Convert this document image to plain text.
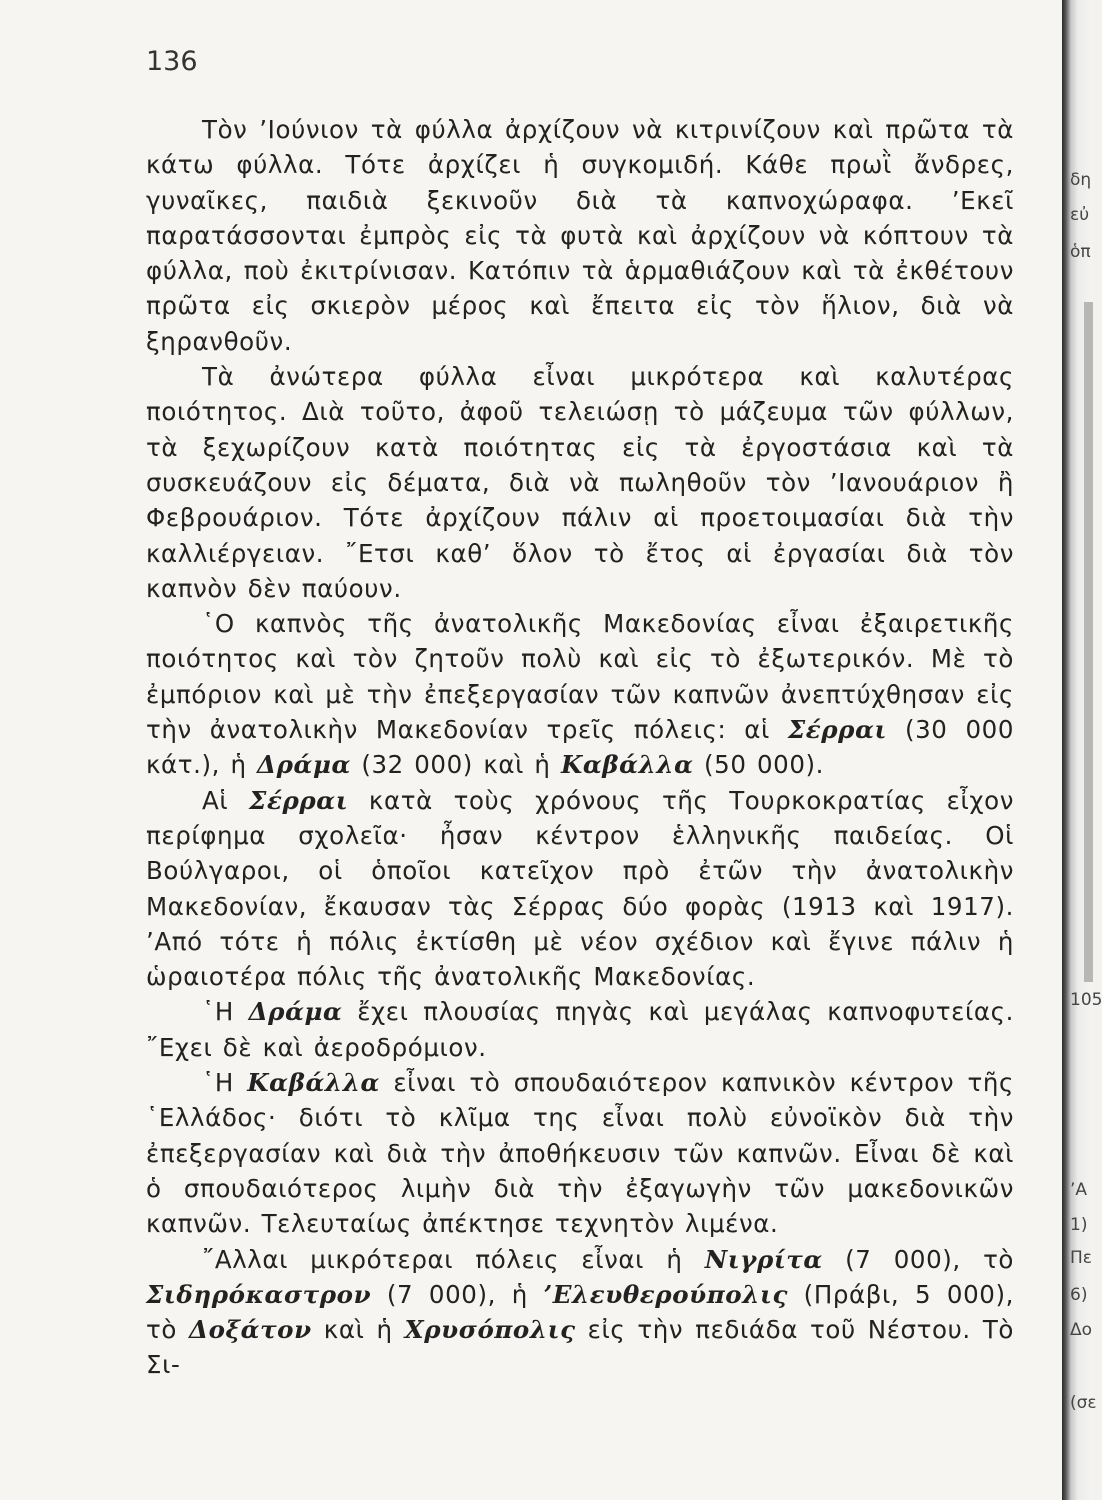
136

Τὸν ’Ιούνιον τὰ φύλλα ἀρχίζουν νὰ κιτρινίζουν καὶ πρῶτα τὰ κάτω φύλλα. Τότε ἀρχίζει ἡ συγκομιδή. Κάθε πρωῒ ἄνδρες, γυναῖκες, παιδιὰ ξεκινοῦν διὰ τὰ καπνοχώραφα. ’Εκεῖ παρατάσσονται ἐμπρὸς εἰς τὰ φυτὰ καὶ ἀρχίζουν νὰ κόπτουν τὰ φύλλα, ποὺ ἐκιτρίνισαν. Κατόπιν τὰ ἁρμαθιάζουν καὶ τὰ ἐκθέτουν πρῶτα εἰς σκιερὸν μέρος καὶ ἔπειτα εἰς τὸν ἥλιον, διὰ νὰ ξηρανθοῦν.

Τὰ ἀνώτερα φύλλα εἶναι μικρότερα καὶ καλυτέρας ποιότητος. Διὰ τοῦτο, ἀφοῦ τελειώσῃ τὸ μάζευμα τῶν φύλλων, τὰ ξεχωρίζουν κατὰ ποιότητας εἰς τὰ ἐργοστάσια καὶ τὰ συσκευάζουν εἰς δέματα, διὰ νὰ πωληθοῦν τὸν ’Ιανουάριον ἢ Φεβρουάριον. Τότε ἀρχίζουν πάλιν αἱ προετοιμασίαι διὰ τὴν καλλιέργειαν. ῎Ετσι καθ’ ὅλον τὸ ἔτος αἱ ἐργασίαι διὰ τὸν καπνὸν δὲν παύουν.

῾Ο καπνὸς τῆς ἀνατολικῆς Μακεδονίας εἶναι ἐξαιρετικῆς ποιότητος καὶ τὸν ζητοῦν πολὺ καὶ εἰς τὸ ἐξωτερικόν. Μὲ τὸ ἐμπόριον καὶ μὲ τὴν ἐπεξεργασίαν τῶν καπνῶν ἀνεπτύχθησαν εἰς τὴν ἀνατολικὴν Μακεδονίαν τρεῖς πόλεις: αἱ Σέρραι (30 000 κάτ.), ἡ Δράμα (32 000) καὶ ἡ Καβάλλα (50 000).

Αἱ Σέρραι κατὰ τοὺς χρόνους τῆς Τουρκοκρατίας εἶχον περίφημα σχολεῖα· ἦσαν κέντρον ἑλληνικῆς παιδείας. Οἱ Βούλγαροι, οἱ ὁποῖοι κατεῖχον πρὸ ἐτῶν τὴν ἀνατολικὴν Μακεδονίαν, ἔκαυσαν τὰς Σέρρας δύο φορὰς (1913 καὶ 1917). ’Από τότε ἡ πόλις ἐκτίσθη μὲ νέον σχέδιον καὶ ἔγινε πάλιν ἡ ὡραιοτέρα πόλις τῆς ἀνατολικῆς Μακεδονίας.

῾Η Δράμα ἔχει πλουσίας πηγὰς καὶ μεγάλας καπνοφυτείας. ῎Εχει δὲ καὶ ἀεροδρόμιον.

῾Η Καβάλλα εἶναι τὸ σπουδαιότερον καπνικὸν κέντρον τῆς ῾Ελλάδος· διότι τὸ κλῖμα της εἶναι πολὺ εὐνοϊκὸν διὰ τὴν ἐπεξεργασίαν καὶ διὰ τὴν ἀποθήκευσιν τῶν καπνῶν. Εἶναι δὲ καὶ ὁ σπουδαιότερος λιμὴν διὰ τὴν ἐξαγωγὴν τῶν μακεδονικῶν καπνῶν. Τελευταίως ἀπέκτησε τεχνητὸν λιμένα.

῎Αλλαι μικρότεραι πόλεις εἶναι ἡ Νιγρίτα (7 000), τὸ Σιδηρόκαστρον (7 000), ἡ ’Ελευθερούπολις (Πράβι, 5 000), τὸ Δοξάτον καὶ ἡ Χρυσόπολις εἰς τὴν πεδιάδα τοῦ Νέστου. Τὸ Σι-

δη
εὐ
ὁπ
105
’Α
1)
Πε
6)
Δο
(σε
